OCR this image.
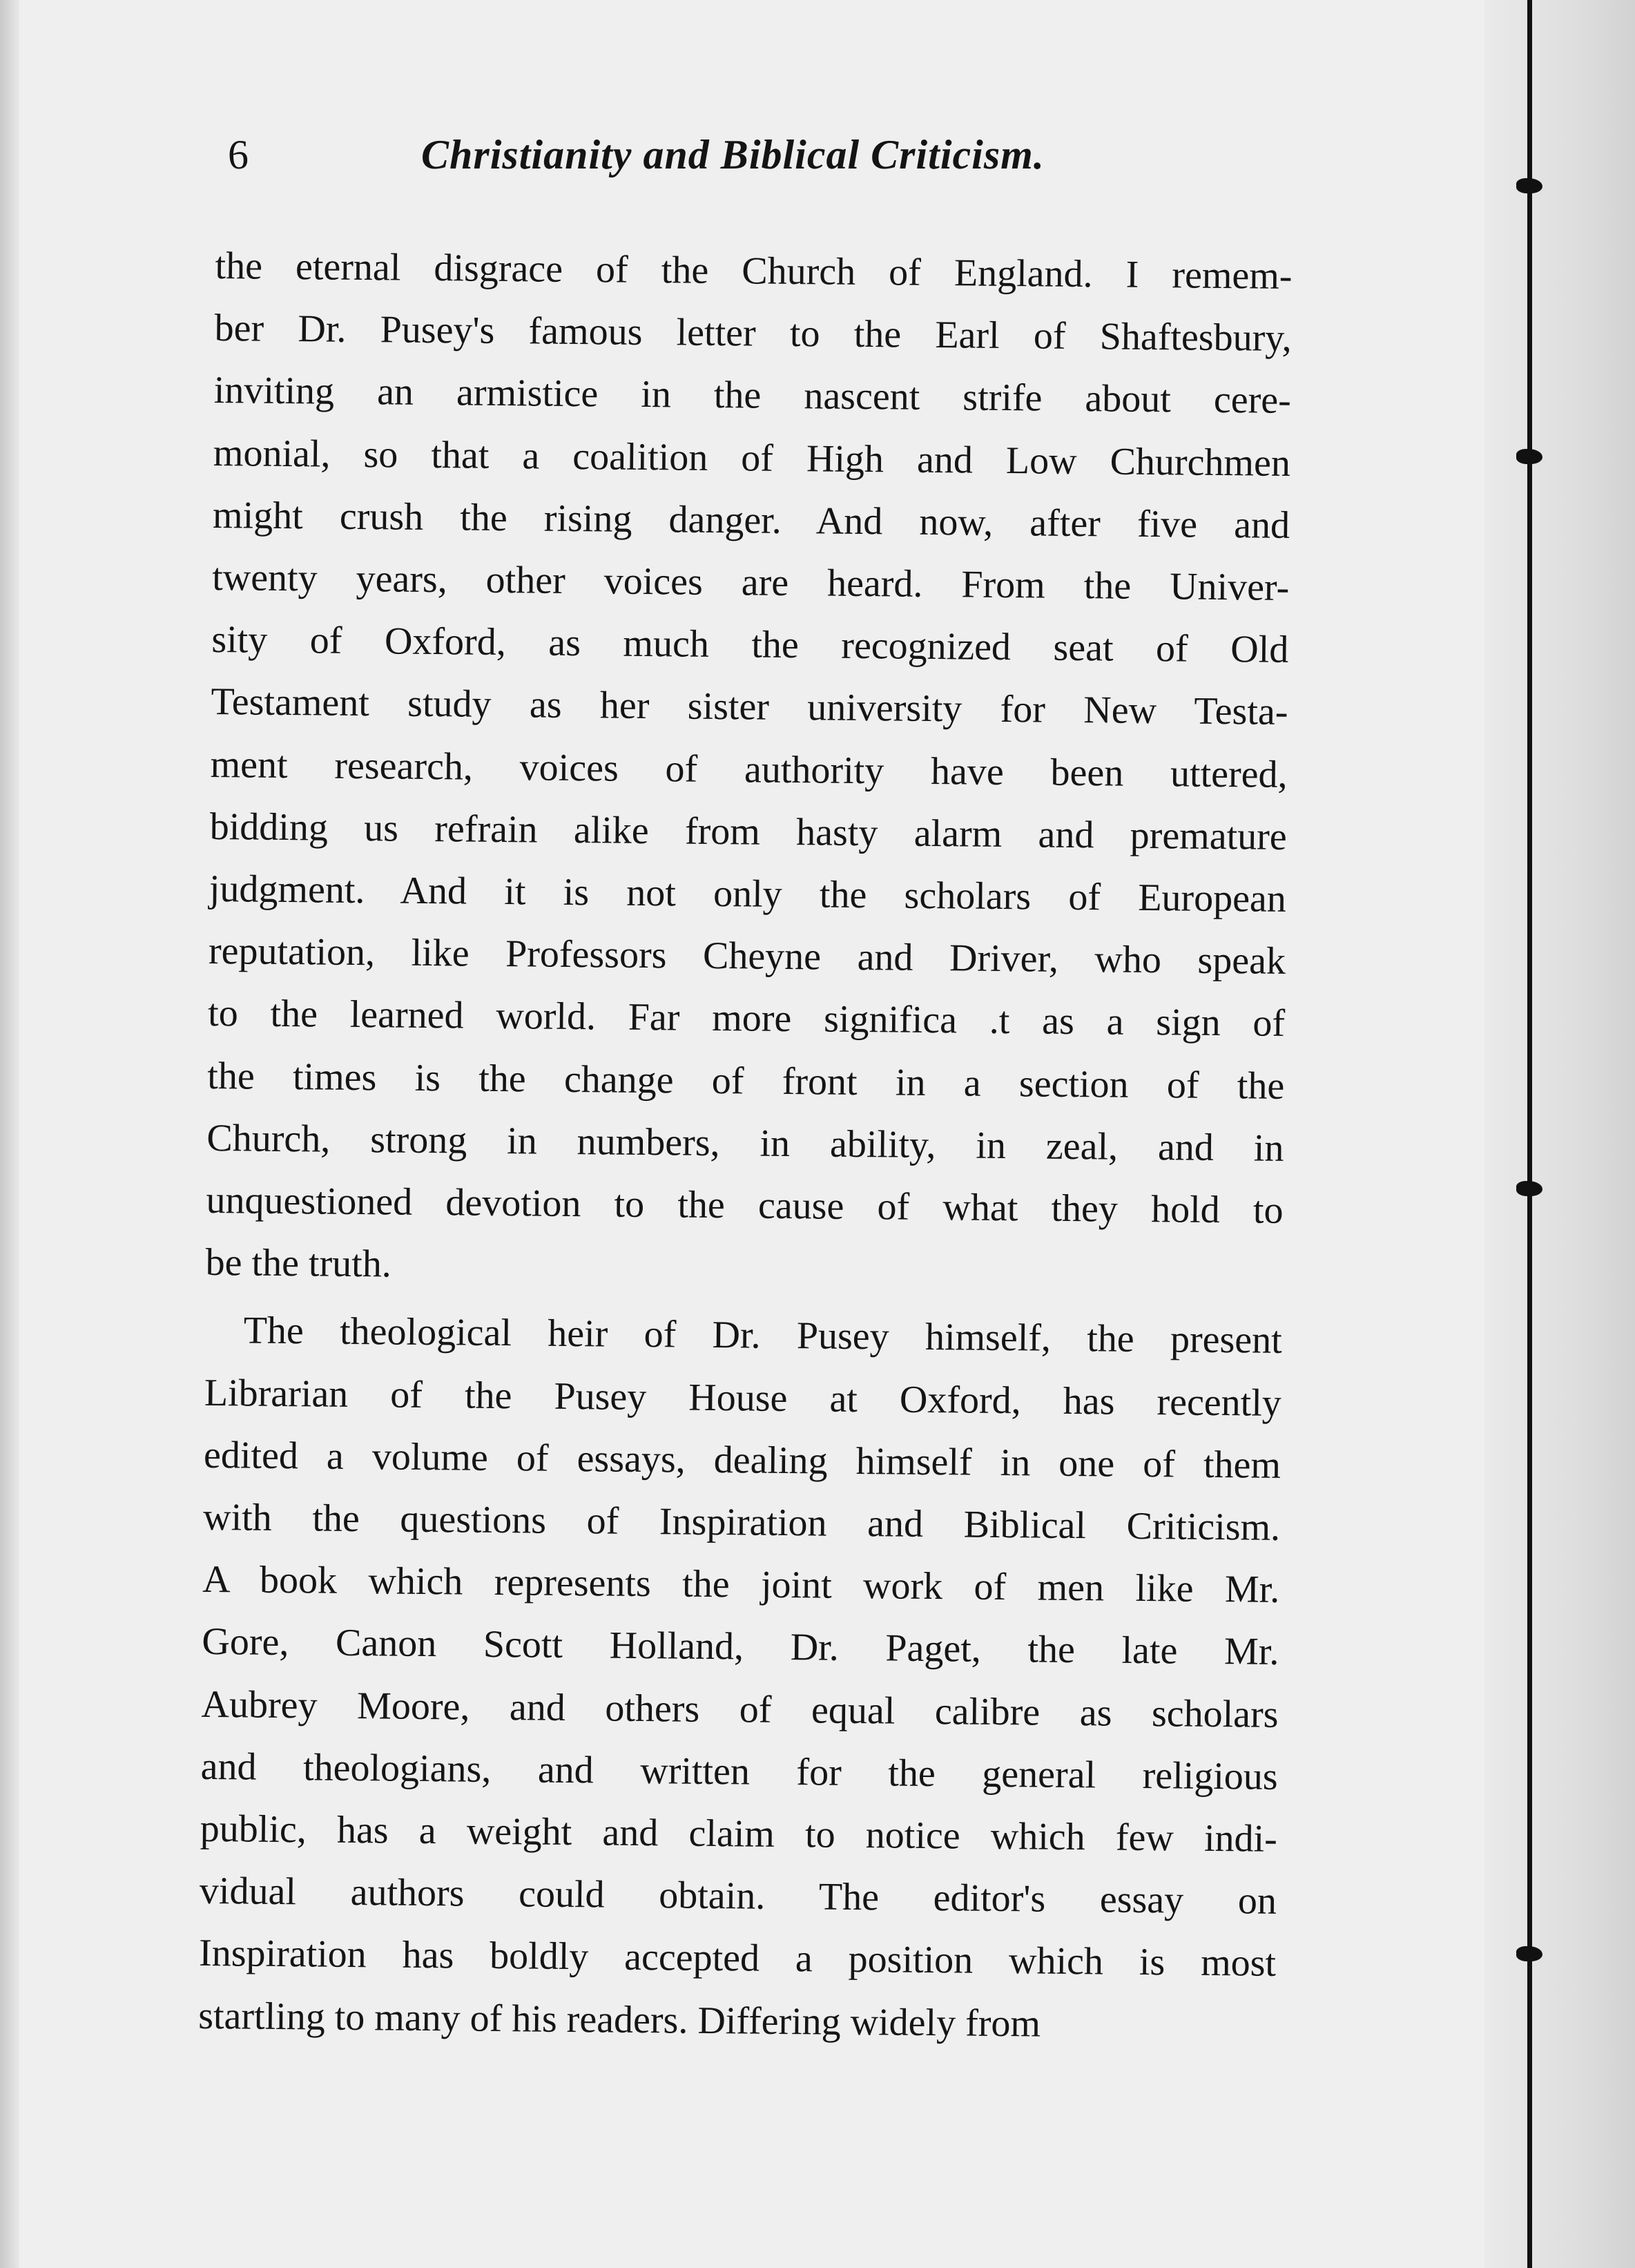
6	Christianity and Biblical Criticism.
the eternal disgrace of the Church of England. I remem-
ber Dr. Pusey's famous letter to the Earl of Shaftesbury,
inviting an armistice in the nascent strife about cere-
monial, so that a coalition of High and Low Churchmen
might crush the rising danger. And now, after five and
twenty years, other voices are heard. From the Univer-
sity of Oxford, as much the recognized seat of Old
Testament study as her sister university for New Testa-
ment research, voices of authority have been uttered,
bidding us refrain alike from hasty alarm and premature
judgment. And it is not only the scholars of European
reputation, like Professors Cheyne and Driver, who speak
to the learned world. Far more significa .t as a sign of
the times is the change of front in a section of the
Church, strong in numbers, in ability, in zeal, and in
unquestioned devotion to the cause of what they hold to
be the truth.
The theological heir of Dr. Pusey himself, the present
Librarian of the Pusey House at Oxford, has recently
edited a volume of essays, dealing himself in one of them
with the questions of Inspiration and Biblical Criticism.
A book which represents the joint work of men like Mr.
Gore, Canon Scott Holland, Dr. Paget, the late Mr.
Aubrey Moore, and others of equal calibre as scholars
and theologians, and written for the general religious
public, has a weight and claim to notice which few indi-
vidual authors could obtain. The editor's essay on
Inspiration has boldly accepted a position which is most
startling to many of his readers. Differing widely from
